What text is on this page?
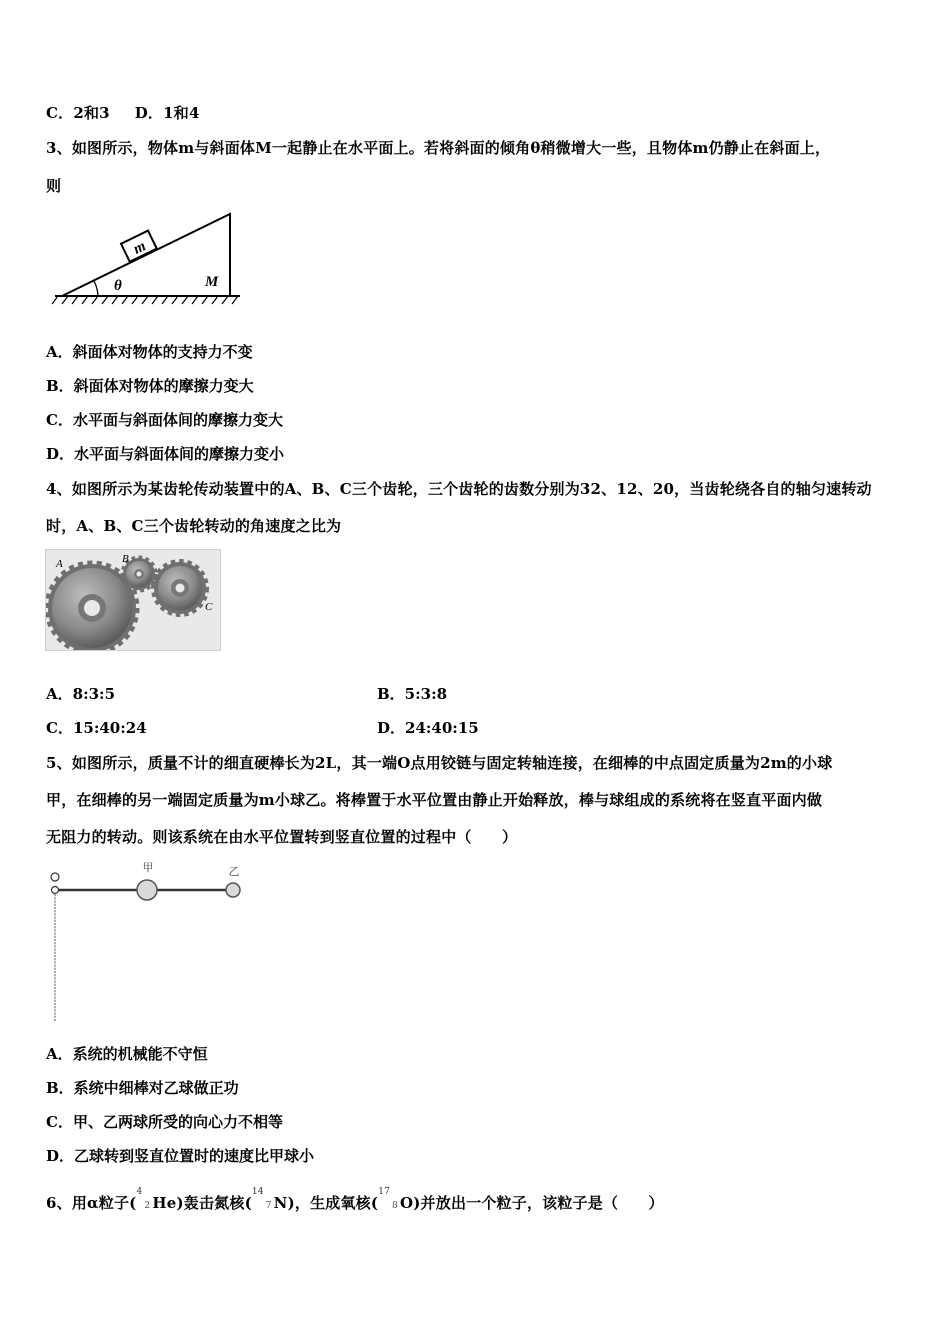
C．2和3 D．1和4
3、如图所示，物体m与斜面体M一起静止在水平面上。若将斜面的倾角θ稍微增大一些，且物体m仍静止在斜面上，
则
m
θ	M
A．斜面体对物体的支持力不变
B．斜面体对物体的摩擦力变大
C．水平面与斜面体间的摩擦力变大
D．水平面与斜面体间的摩擦力变小
4、如图所示为某齿轮传动装置中的A、B、C三个齿轮，三个齿轮的齿数分别为32、12、20，当齿轮绕各自的轴匀速转动
时，A、B、C三个齿轮转动的角速度之比为
A	B
C
A．8:3:5	B．5:3:8
C．15:40:24	D．24:40:15
5、如图所示，质量不计的细直硬棒长为2L，其一端O点用铰链与固定转轴连接，在细棒的中点固定质量为2m的小球
甲，在细棒的另一端固定质量为m小球乙。将棒置于水平位置由静止开始释放，棒与球组成的系统将在竖直平面内做
无阻力的转动。则该系统在由水平位置转到竖直位置的过程中（　　）
甲	乙
A．系统的机械能不守恒
B．系统中细棒对乙球做正功
C．甲、乙两球所受的向心力不相等
D．乙球转到竖直位置时的速度比甲球小
6、用α粒子($^4$2 He)轰击氮核($^{14}$7 N)，生成氧核($^{17}$8 O)并放出一个粒子，该粒子是（　　）
